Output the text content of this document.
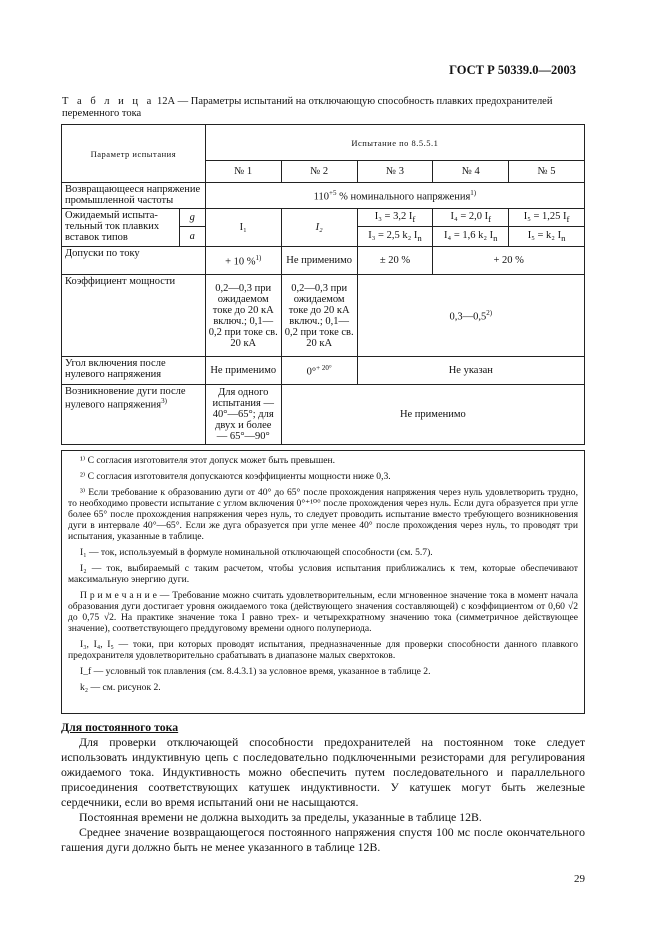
ГОСТ Р 50339.0—2003
Т а б л и ц а 12А — Параметры испытаний на отключающую способность плавких предохранителей переменного тока
Параметр испытания		Испытание по 8.5.5.1				
		№ 1	№ 2	№ 3	№ 4	№ 5
Возвращающееся напряжение промышленной частоты		$110^{+5}$ % номинального напряжения$^{1)}$
Ожидаемый испыта-тельный ток плавких вставок типов	g	I₁	I₂	I₃ = 3,2 $I_f$	I₄ = 2,0 $I_f$	I₅ = 1,25 $I_f$
	a			I₃ = 2,5 k₂ $I_n$	I₄ = 1,6 k₂ $I_n$	I₅ = k₂ $I_n$
Допуски по току		+ 10 %$^{1)}$	Не применимо	± 20 %	+ 20 %	
Коэффициент мощности		0,2—0,3 при ожидаемом токе до 20 кА включ.; 0,1—0,2 при токе св. 20 кА	0,2—0,3 при ожидаемом токе до 20 кА включ.; 0,1—0,2 при токе св. 20 кА	0,3—0,5$^{2)}$
Угол включения после нулевого напряжения		Не применимо	0°$^{+ 20^\circ}$	Не указан		
Возникновение дуги после нулевого напряжения$^{3)}$		Для одного испытания — 40°—65°; для двух и более — 65°—90°	Не применимо			

¹⁾ С согласия изготовителя этот допуск может быть превышен.

²⁾ С согласия изготовителя допускаются коэффициенты мощности ниже 0,3.

³⁾ Если требование к образованию дуги от 40° до 65° после прохождения напряжения через нуль удовлетворить трудно, то необходимо провести испытание с углом включения 0°⁺¹⁰° после прохождения через нуль. Если дуга образуется при угле более 65° после прохождения напряжения через нуль, то следует проводить испытание вместо требующего возникновения дуги в интервале 40°—65°. Если же дуга образуется при угле менее 40° после прохождения через нуль, то проводят три испытания, указанные в таблице.

I₁ — ток, используемый в формуле номинальной отключающей способности (см. 5.7).

I₂ — ток, выбираемый с таким расчетом, чтобы условия испытания приближались к тем, которые обеспечивают максимальную энергию дуги.

П р и м е ч а н и е — Требование можно считать удовлетворительным, если мгновенное значение тока в момент начала образования дуги достигает уровня ожидаемого тока (действующего значения составляющей) с коэффициентом от 0,60 √2 до 0,75 √2. На практике значение тока I равно трех- и четырехкратному значению тока (симметричное действующее значение), соответствующего преддуговому времени одного полупериода.

I₃, I₄, I₅ — токи, при которых проводят испытания, предназначенные для проверки способности данного плавкого предохранителя удовлетворительно срабатывать в диапазоне малых сверхтоков.

I_f — условный ток плавления (см. 8.4.3.1) за условное время, указанное в таблице 2.

k₂ — см. рисунок 2.

Для постоянного тока

Для проверки отключающей способности предохранителей на постоянном токе следует использовать индуктивную цепь с последовательно подключенными резисторами для регулирования ожидаемого тока. Индуктивность можно обеспечить путем последовательного и параллельного присоединения соответствующих катушек индуктивности. У катушек могут быть железные сердечники, если во время испытаний они не насыщаются.

Постоянная времени не должна выходить за пределы, указанные в таблице 12В.

Среднее значение возвращающегося постоянного напряжения спустя 100 мс после окончательного гашения дуги должно быть не менее указанного в таблице 12В.

29
